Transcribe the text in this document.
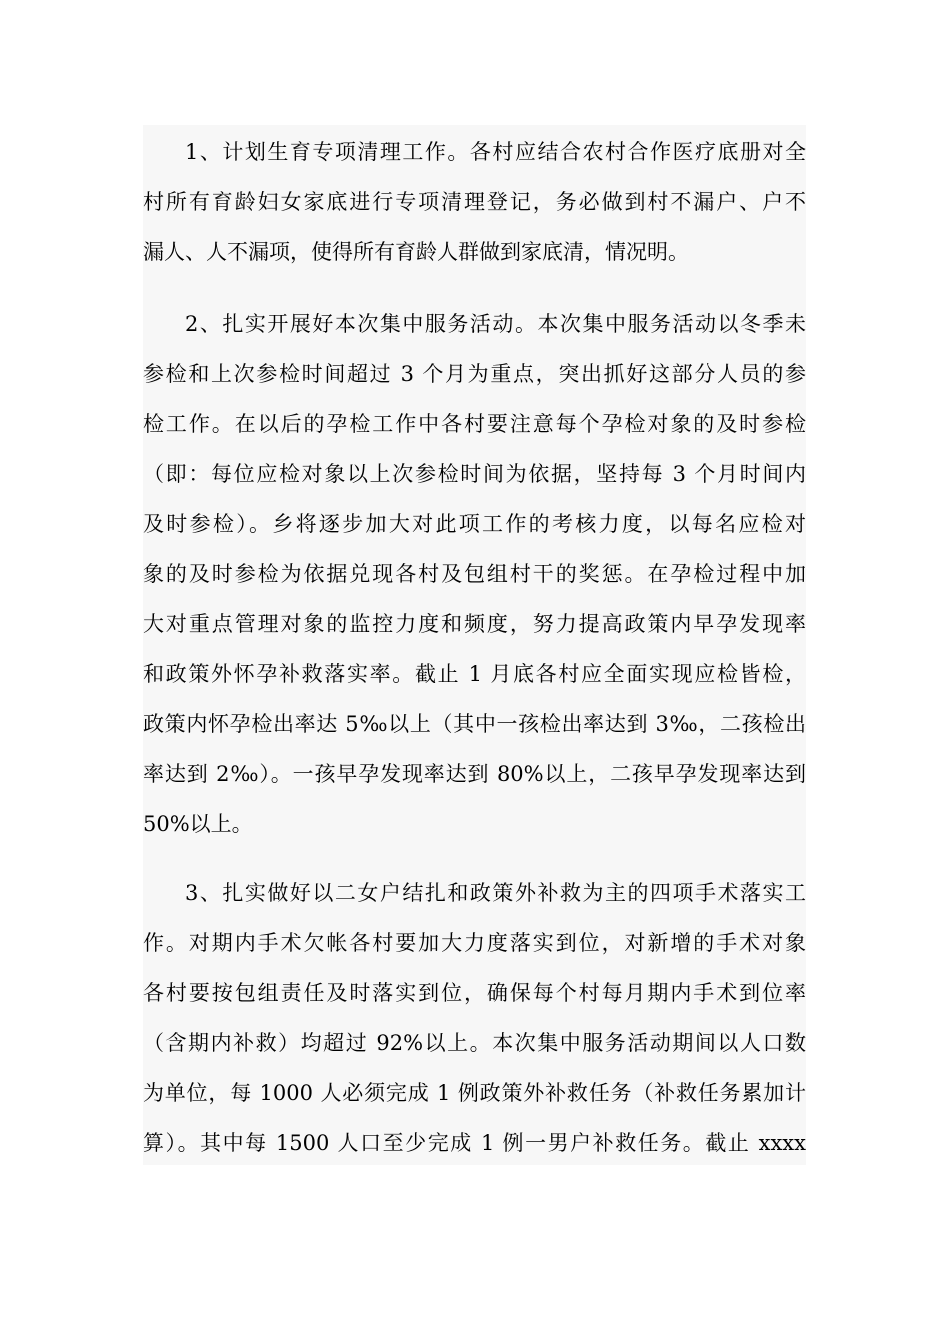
1、计划生育专项清理工作。各村应结合农村合作医疗底册对全
村所有育龄妇女家底进行专项清理登记，务必做到村不漏户、户不
漏人、人不漏项，使得所有育龄人群做到家底清，情况明。
2、扎实开展好本次集中服务活动。本次集中服务活动以冬季未
参检和上次参检时间超过 3 个月为重点，突出抓好这部分人员的参
检工作。在以后的孕检工作中各村要注意每个孕检对象的及时参检
（即：每位应检对象以上次参检时间为依据，坚持每 3 个月时间内
及时参检）。乡将逐步加大对此项工作的考核力度，以每名应检对
象的及时参检为依据兑现各村及包组村干的奖惩。在孕检过程中加
大对重点管理对象的监控力度和频度，努力提高政策内早孕发现率
和政策外怀孕补救落实率。截止 1 月底各村应全面实现应检皆检，
政策内怀孕检出率达 5‰以上（其中一孩检出率达到 3‰，二孩检出
率达到 2‰）。一孩早孕发现率达到 80%以上，二孩早孕发现率达到
50%以上。
3、扎实做好以二女户结扎和政策外补救为主的四项手术落实工
作。对期内手术欠帐各村要加大力度落实到位，对新增的手术对象
各村要按包组责任及时落实到位，确保每个村每月期内手术到位率
（含期内补救）均超过 92%以上。本次集中服务活动期间以人口数
为单位，每 1000 人必须完成 1 例政策外补救任务（补救任务累加计
算）。其中每 1500 人口至少完成 1 例一男户补救任务。截止 xxxx
